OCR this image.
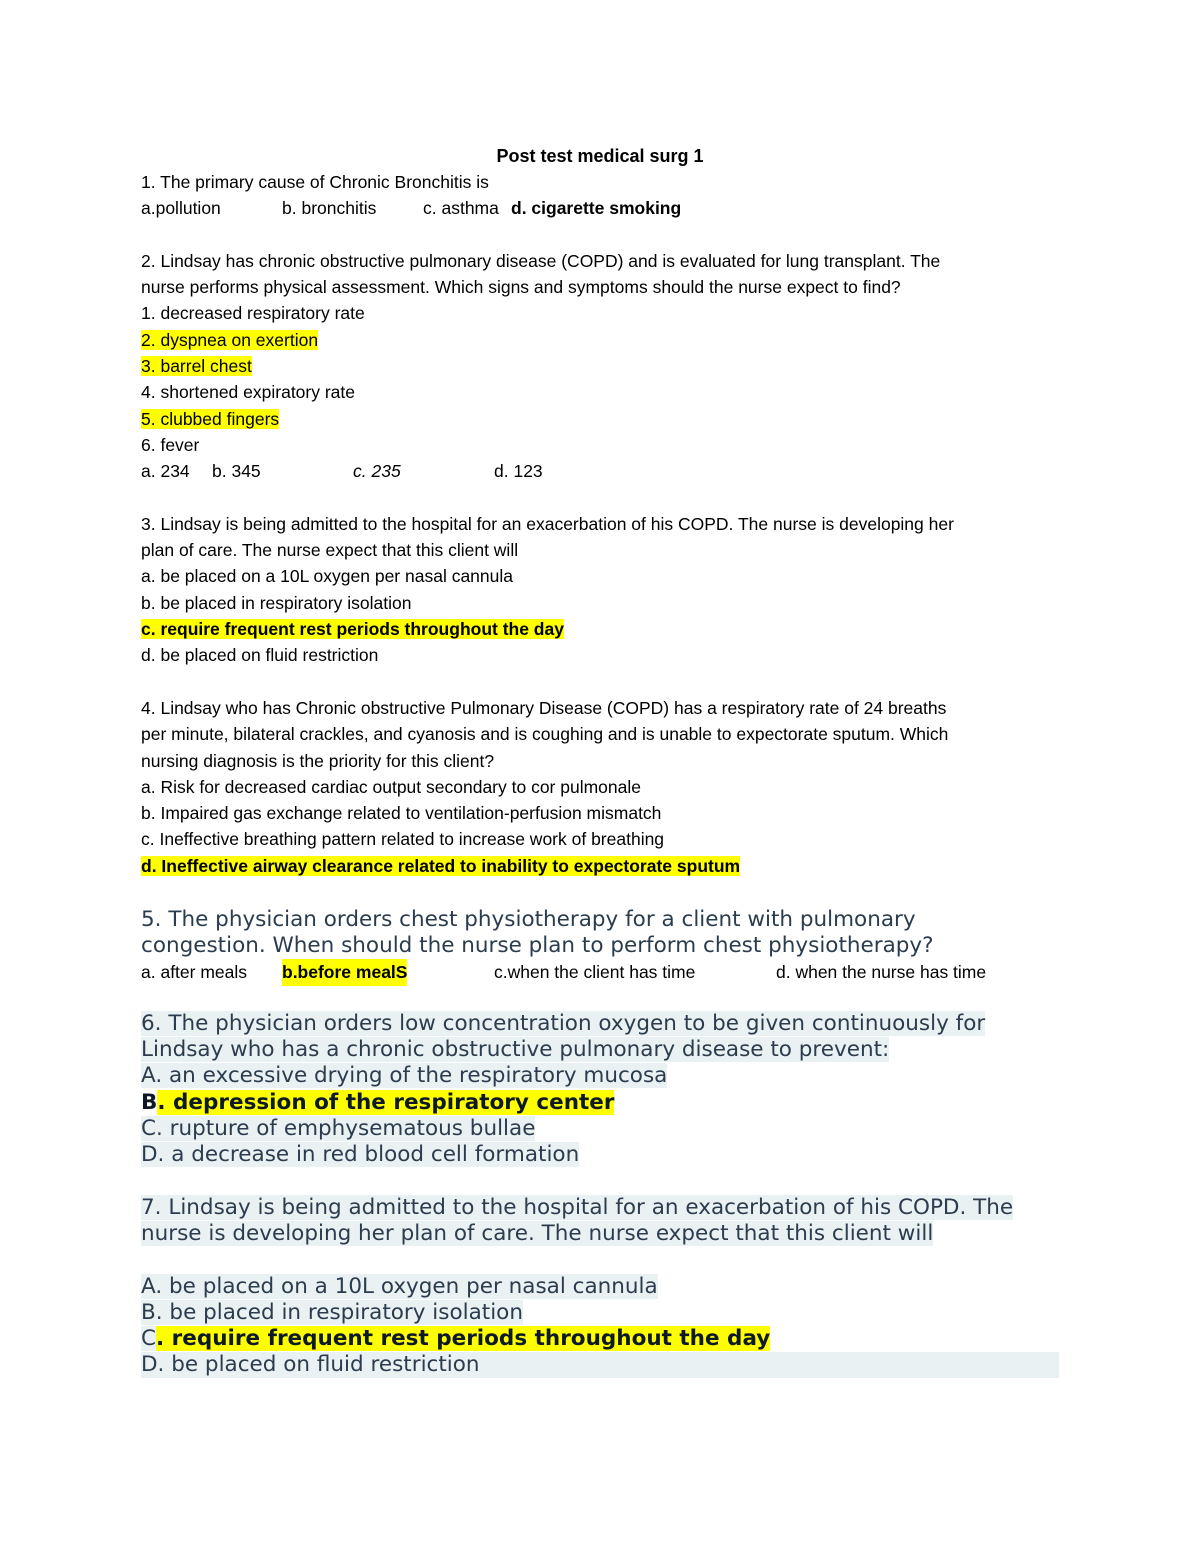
Post test medical surg 1
1. The primary cause of Chronic Bronchitis is
a.pollution	b. bronchitis	c. asthma d. cigarette smoking
2. Lindsay has chronic obstructive pulmonary disease (COPD) and is evaluated for lung transplant. The
nurse performs physical assessment. Which signs and symptoms should the nurse expect to find?
1. decreased respiratory rate
2. dyspnea on exertion
3. barrel chest
4. shortened expiratory rate
5. clubbed fingers
6. fever
a. 234 b. 345	c. 235	d. 123
3. Lindsay is being admitted to the hospital for an exacerbation of his COPD. The nurse is developing her
plan of care. The nurse expect that this client will
a. be placed on a 10L oxygen per nasal cannula
b. be placed in respiratory isolation
c. require frequent rest periods throughout the day
d. be placed on fluid restriction
4. Lindsay who has Chronic obstructive Pulmonary Disease (COPD) has a respiratory rate of 24 breaths
per minute, bilateral crackles, and cyanosis and is coughing and is unable to expectorate sputum. Which
nursing diagnosis is the priority for this client?
a. Risk for decreased cardiac output secondary to cor pulmonale
b. Impaired gas exchange related to ventilation-perfusion mismatch
c. Ineffective breathing pattern related to increase work of breathing
d. Ineffective airway clearance related to inability to expectorate sputum
5. The physician orders chest physiotherapy for a client with pulmonary
congestion. When should the nurse plan to perform chest physiotherapy?
a. after meals b.before mealS	c.when the client has time	d. when the nurse has time
6. The physician orders low concentration oxygen to be given continuously for
Lindsay who has a chronic obstructive pulmonary disease to prevent:
A. an excessive drying of the respiratory mucosa
B. depression of the respiratory center
C. rupture of emphysematous bullae
D. a decrease in red blood cell formation
7. Lindsay is being admitted to the hospital for an exacerbation of his COPD. The
nurse is developing her plan of care. The nurse expect that this client will
A. be placed on a 10L oxygen per nasal cannula
B. be placed in respiratory isolation
C. require frequent rest periods throughout the day
D. be placed on fluid restriction
